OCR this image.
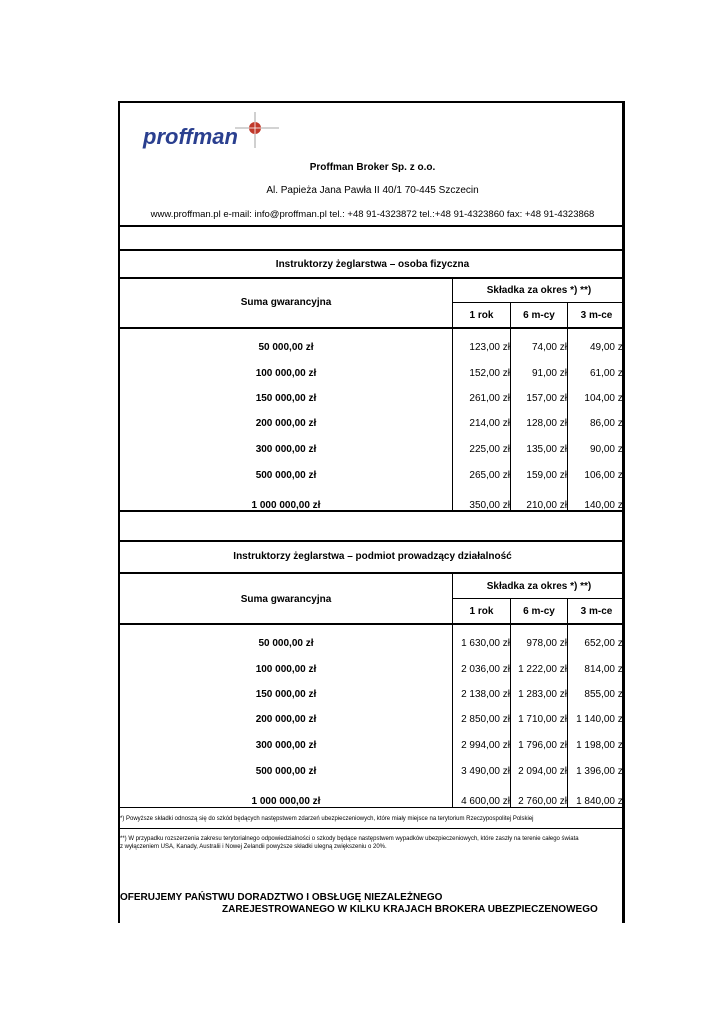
proffman
Proffman Broker Sp. z o.o.
Al. Papieża Jana Pawła II 40/1 70-445 Szczecin
www.proffman.pl e-mail: info@proffman.pl tel.: +48 91-4323872 tel.:+48 91-4323860 fax: +48 91-4323868
Instruktorzy żeglarstwa – osoba fizyczna
Suma gwarancyjna
Składka za okres *) **)
1 rok	6 m-cy	3 m-ce
50 000,00 zł	123,00 zł	74,00 zł	49,00 zł
100 000,00 zł	152,00 zł	91,00 zł	61,00 zł
150 000,00 zł	261,00 zł	157,00 zł	104,00 zł
200 000,00 zł	214,00 zł	128,00 zł	86,00 zł
300 000,00 zł	225,00 zł	135,00 zł	90,00 zł
500 000,00 zł	265,00 zł	159,00 zł	106,00 zł
1 000 000,00 zł	350,00 zł	210,00 zł	140,00 zł
Instruktorzy żeglarstwa – podmiot prowadzący działalność
Suma gwarancyjna
Składka za okres *) **)
1 rok	6 m-cy	3 m-ce
50 000,00 zł	1 630,00 zł	978,00 zł	652,00 zł
100 000,00 zł	2 036,00 zł 1 222,00 zł	814,00 zł
150 000,00 zł	2 138,00 zł 1 283,00 zł	855,00 zł
200 000,00 zł	2 850,00 zł 1 710,00 zł 1 140,00 zł
300 000,00 zł	2 994,00 zł 1 796,00 zł 1 198,00 zł
500 000,00 zł	3 490,00 zł 2 094,00 zł 1 396,00 zł
1 000 000,00 zł	4 600,00 zł 2 760,00 zł 1 840,00 zł
*) Powyższe składki odnoszą się do szkód będących następstwem zdarzeń ubezpieczeniowych, które miały miejsce na terytorium Rzeczypospolitej Polskiej
**) W przypadku rozszerzenia zakresu terytorialnego odpowiedzialności o szkody będące następstwem wypadków ubezpieczeniowych, które zaszły na terenie całego świata
z wyłączeniem USA, Kanady, Australii i Nowej Zelandii powyższe składki ulegną zwiększeniu o 20%.
OFERUJEMY PAŃSTWU DORADZTWO I OBSŁUGĘ NIEZALEŻNEGO
ZAREJESTROWANEGO W KILKU KRAJACH BROKERA UBEZPIECZENOWEGO
